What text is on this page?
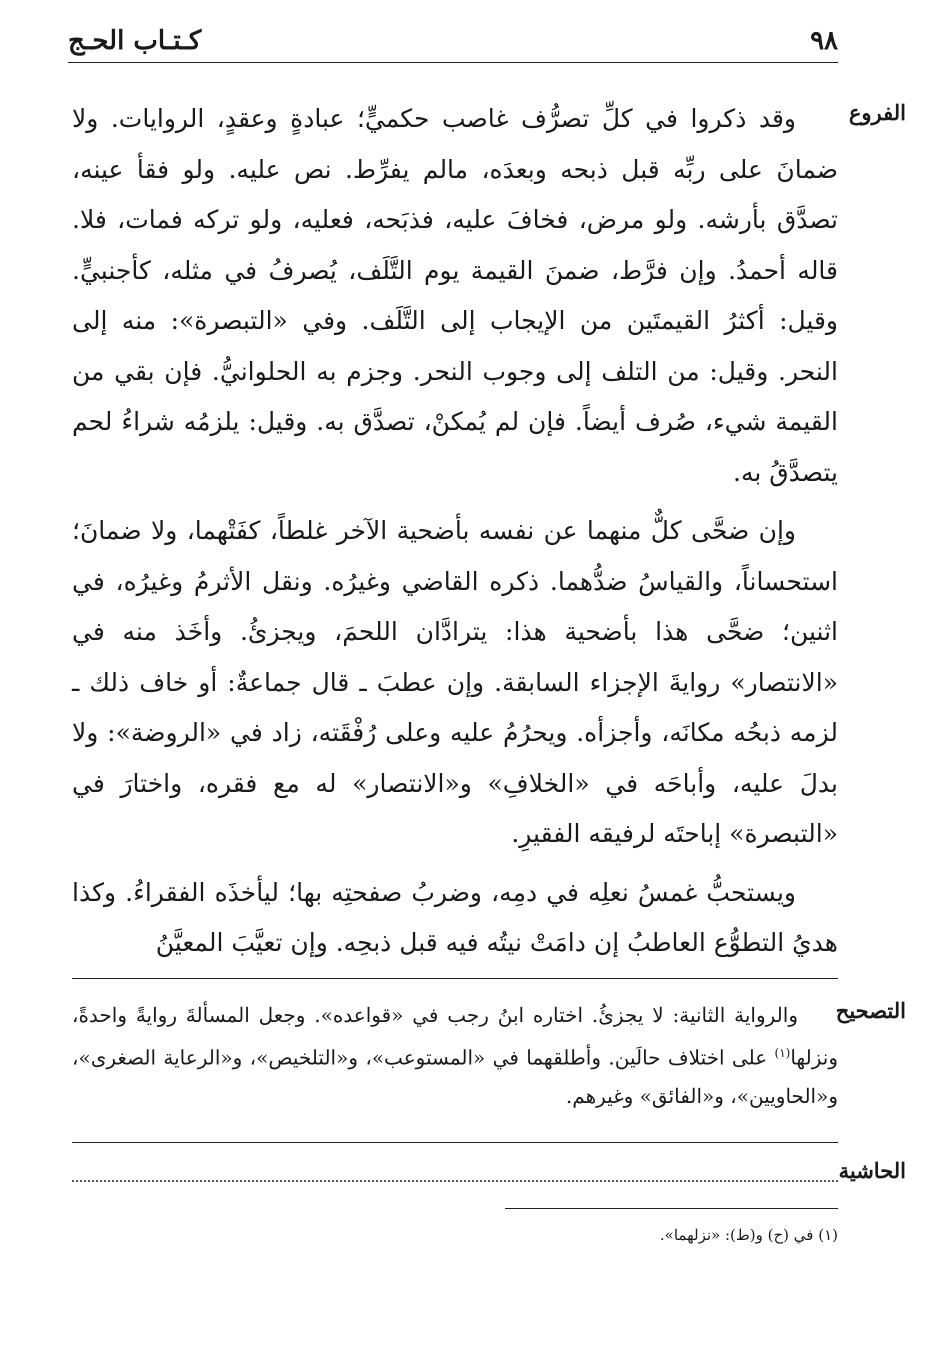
٩٨
كـتـاب الحـج
الفروع
التصحيح
الحاشية

وقد ذكروا في كلِّ تصرُّف غاصب حكميٍّ؛ عبادةٍ وعقدٍ، الروايات. ولا ضمانَ على ربِّه قبل ذبحه وبعدَه، مالم يفرِّط. نص عليه. ولو فقأ عينه، تصدَّق بأرشه. ولو مرض، فخافَ عليه، فذبَحه، فعليه، ولو تركه فمات، فلا. قاله أحمدُ. وإن فرَّط، ضمنَ القيمة يوم التَّلَف، يُصرفُ في مثله، كأجنبيٍّ. وقيل: أكثرُ القيمتَين من الإيجاب إلى التَّلَف. وفي «التبصرة»: منه إلى النحر. وقيل: من التلف إلى وجوب النحر. وجزم به الحلوانيُّ. فإن بقي من القيمة شيء، صُرف أيضاً. فإن لم يُمكنْ، تصدَّق به. وقيل: يلزمُه شراءُ لحم يتصدَّقُ به.

وإن ضحَّى كلٌّ منهما عن نفسه بأضحية الآخر غلطاً، كفَتْهما، ولا ضمانَ؛ استحساناً، والقياسُ ضدُّهما. ذكره القاضي وغيرُه. ونقل الأثرمُ وغيرُه، في اثنين؛ ضحَّى هذا بأضحية هذا: يترادَّان اللحمَ، ويجزئُ. وأخَذ منه في «الانتصار» روايةَ الإجزاء السابقة. وإن عطبَ ـ قال جماعةٌ: أو خاف ذلك ـ لزمه ذبحُه مكانَه، وأجزأه. ويحرُمُ عليه وعلى رُفْقَته، زاد في «الروضة»: ولا بدلَ عليه، وأباحَه في «الخلافِ» و«الانتصار» له مع فقره، واختارَ في «التبصرة» إباحتَه لرفيقه الفقيرِ.

ويستحبُّ غمسُ نعلِه في دمِه، وضربُ صفحتِه بها؛ ليأخذَه الفقراءُ. وكذا هديُ التطوُّع العاطبُ إن دامَتْ نيتُه فيه قبل ذبحِه. وإن تعيَّبَ المعيَّنُ

والرواية الثانية: لا يجزئُ. اختاره ابنُ رجب في «قواعده». وجعل المسألةَ روايةً واحدةً، ونزلها$^{(١)}$ على اختلاف حالَين. وأطلقهما في «المستوعب»، و«التلخيص»، و«الرعاية الصغرى»، و«الحاويين»، و«الفائق» وغيرهم.

(١) في (ح) و(ط): «نزلهما».
